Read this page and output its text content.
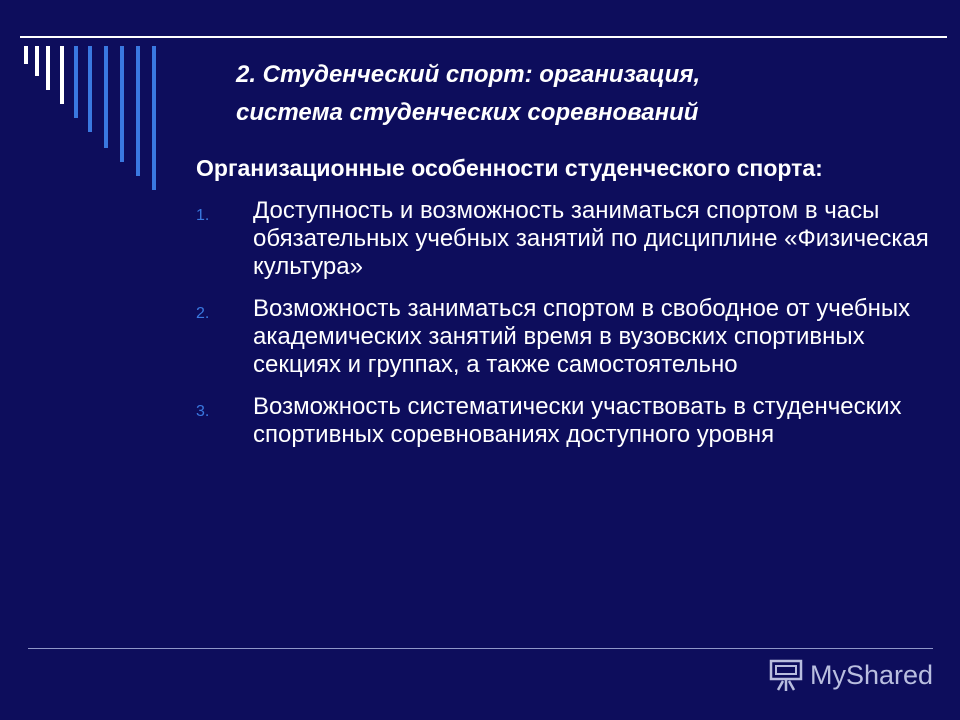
2. Студенческий спорт: организация,
система студенческих соревнований

Организационные особенности студенческого спорта:

1. Доступность и возможность заниматься спортом в часы обязательных учебных занятий по дисциплине «Физическая культура»
2. Возможность заниматься спортом в свободное от учебных академических занятий время в вузовских спортивных секциях и группах, а также самостоятельно
3. Возможность систематически участвовать в студенческих спортивных соревнованиях доступного уровня
MyShared
